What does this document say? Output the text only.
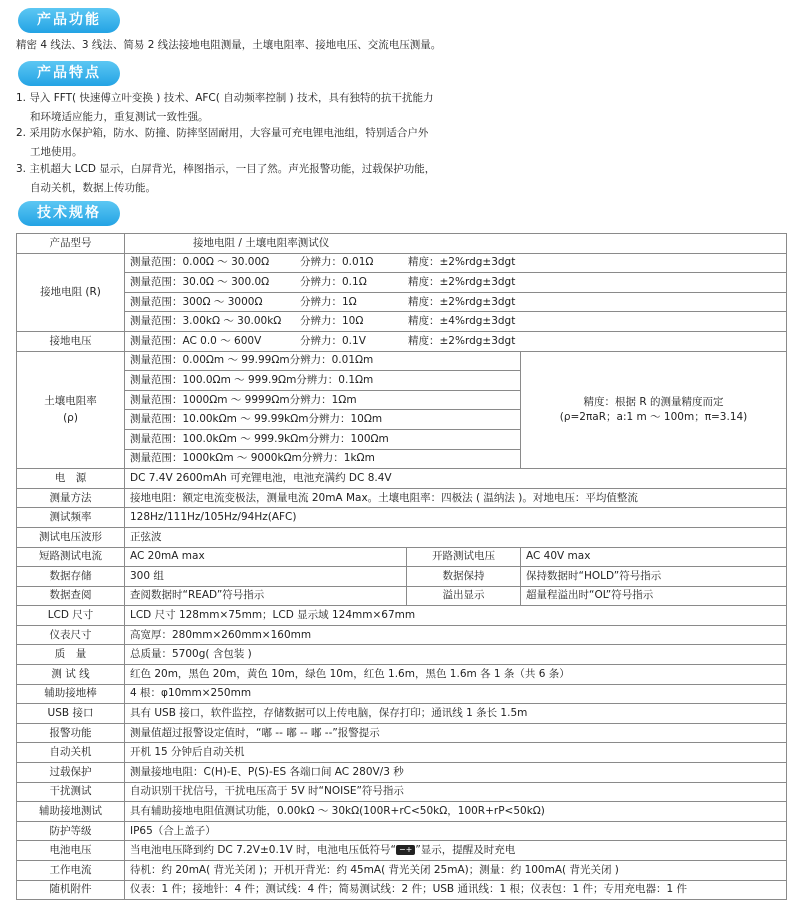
产品功能
精密 4 线法、3 线法、简易 2 线法接地电阻测量，土壤电阻率、接地电压、交流电压测量。
产品特点
1. 导入 FFT( 快速傅立叶变换 ) 技术、AFC( 自动频率控制 ) 技术，具有独特的抗干扰能力
和环境适应能力，重复测试一致性强。
2. 采用防水保护箱，防水、防撞、防摔坚固耐用，大容量可充电锂电池组，特别适合户外
工地使用。
3. 主机超大 LCD 显示，白屏背光，棒图指示，一目了然。声光报警功能，过载保护功能，
自动关机，数据上传功能。
技术规格
产品型号	接地电阻 / 土壤电阻率测试仪		
接地电阻 (R)	测量范围：0.00Ω ～ 30.00Ω 分辨力：0.01Ω 精度：±2%rdg±3dgt		
	测量范围：30.0Ω ～ 300.0Ω 分辨力：0.1Ω 精度：±2%rdg±3dgt		
	测量范围：300Ω ～ 3000Ω 分辨力：1Ω 精度：±2%rdg±3dgt		
	测量范围：3.00kΩ ～ 30.00kΩ 分辨力：10Ω 精度：±4%rdg±3dgt		
接地电压	测量范围：AC 0.0 ～ 600V 分辨力：0.1V 精度：±2%rdg±3dgt		
土壤电阻率
(ρ)	测量范围：0.00Ωm ～ 99.99Ωm分辨力：0.01Ωm		精度：根据 R 的测量精度而定
(ρ=2πaR；a:1 m ～ 100m；π=3.14)
	测量范围：100.0Ωm ～ 999.9Ωm分辨力：0.1Ωm		
	测量范围：1000Ωm ～ 9999Ωm分辨力：1Ωm		
	测量范围：10.00kΩm ～ 99.99kΩm分辨力：10Ωm		
	测量范围：100.0kΩm ～ 999.9kΩm分辨力：100Ωm		
	测量范围：1000kΩm ～ 9000kΩm分辨力：1kΩm		
电　源	DC 7.4V 2600mAh 可充锂电池，电池充满约 DC 8.4V		
测量方法	接地电阻：额定电流变极法，测量电流 20mA Max。土壤电阻率：四极法 ( 温纳法 )。对地电压：平均值整流		
测试频率	128Hz/111Hz/105Hz/94Hz(AFC)		
测试电压波形	正弦波		
短路测试电流	AC 20mA max	开路测试电压	AC 40V max
数据存储	300 组	数据保持	保持数据时“HOLD”符号指示
数据查阅	查阅数据时“READ”符号指示	溢出显示	超量程溢出时“OL”符号指示
LCD 尺寸	LCD 尺寸 128mm×75mm；LCD 显示域 124mm×67mm		
仪表尺寸	高宽厚：280mm×260mm×160mm		
质　量	总质量：5700g( 含包装 )		
测 试 线	红色 20m，黑色 20m，黄色 10m，绿色 10m，红色 1.6m，黑色 1.6m 各 1 条（共 6 条）		
辅助接地棒	4 根：φ10mm×250mm		
USB 接口	具有 USB 接口，软件监控，存储数据可以上传电脑，保存打印；通讯线 1 条长 1.5m		
报警功能	测量值超过报警设定值时，“嘟 -- 嘟 -- 嘟 --”报警提示		
自动关机	开机 15 分钟后自动关机		
过载保护	测量接地电阻：C(H)-E、P(S)-ES 各端口间 AC 280V/3 秒		
干扰测试	自动识别干扰信号，干扰电压高于 5V 时“NOISE”符号指示		
辅助接地测试	具有辅助接地电阻值测试功能，0.00kΩ ～ 30kΩ(100R+rC<50kΩ，100R+rP<50kΩ)		
防护等级	IP65（合上盖子）		
电池电压	当电池电压降到约 DC 7.2V±0.1V 时，电池电压低符号“ −+ ”显示，提醒及时充电		
工作电流	待机：约 20mA( 背光关闭 )；开机开背光：约 45mA( 背光关闭 25mA)；测量：约 100mA( 背光关闭 )		
随机附件	仪表：1 件；接地针：4 件；测试线：4 件；简易测试线：2 件；USB 通讯线：1 根；仪表包：1 件；专用充电器：1 件		
